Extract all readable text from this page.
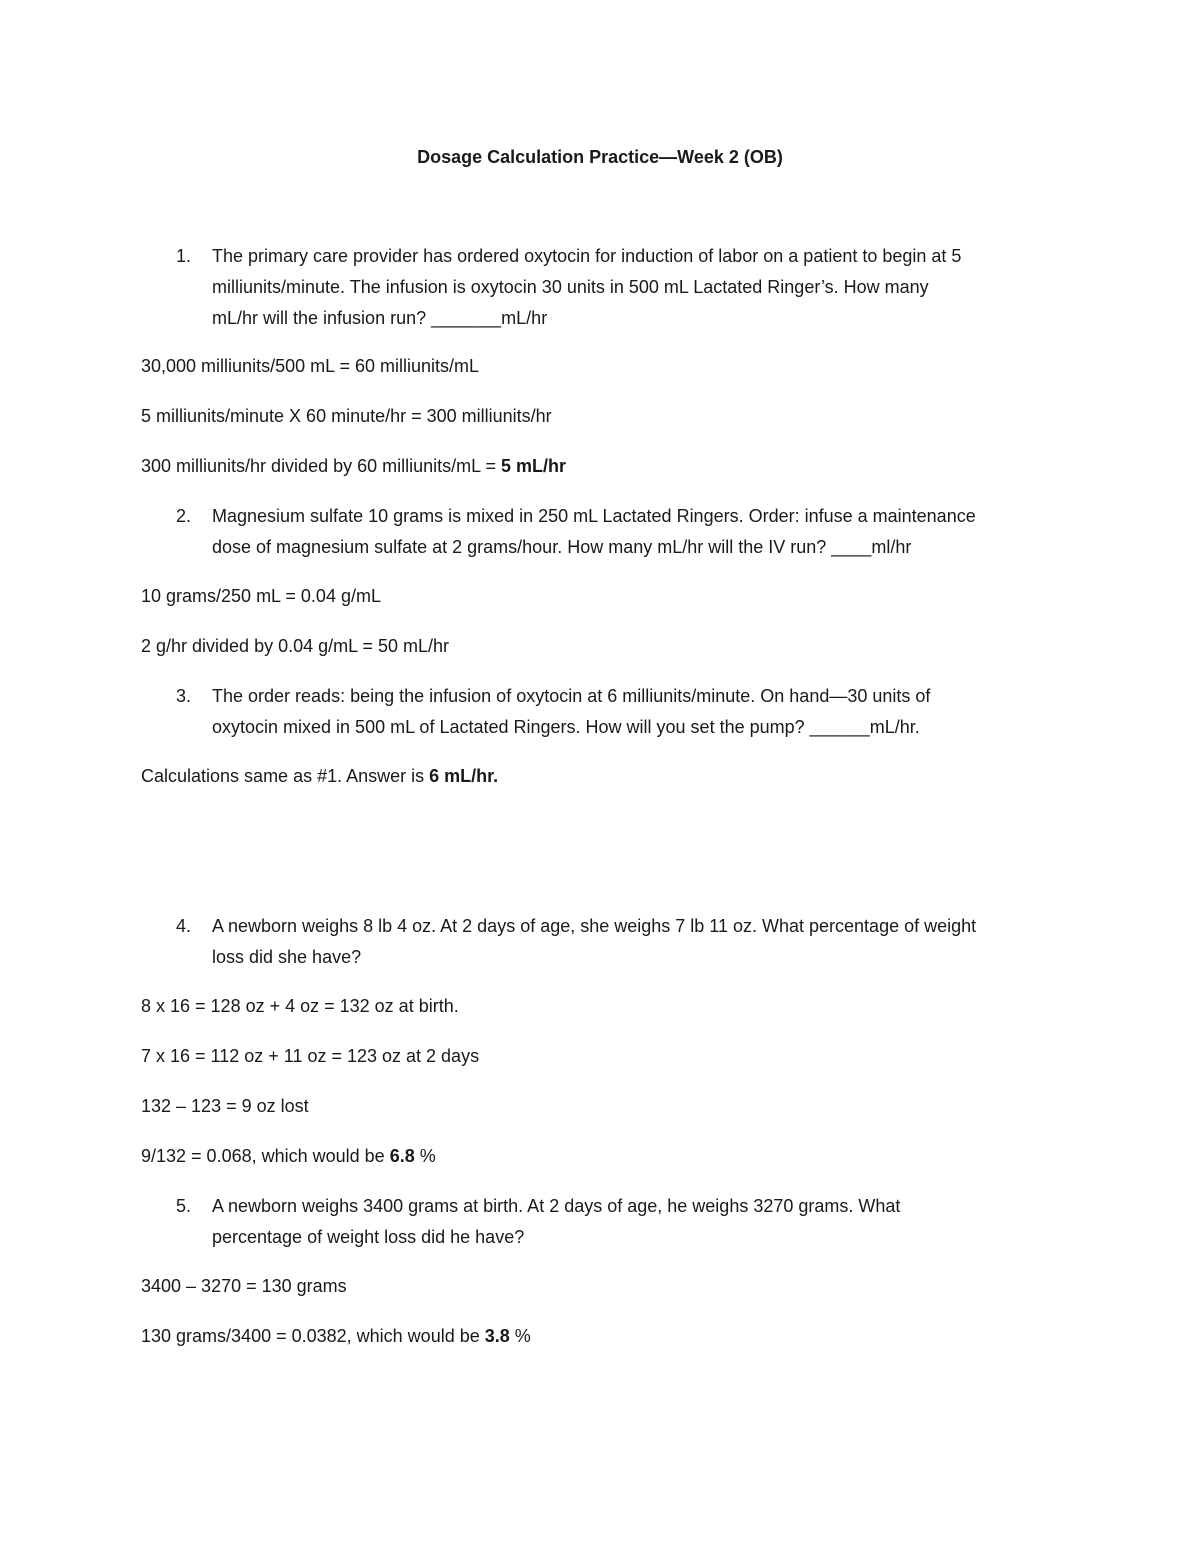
Dosage Calculation Practice—Week 2 (OB)
1. The primary care provider has ordered oxytocin for induction of labor on a patient to begin at 5
milliunits/minute. The infusion is oxytocin 30 units in 500 mL Lactated Ringer’s. How many
mL/hr will the infusion run? _______mL/hr
30,000 milliunits/500 mL = 60 milliunits/mL
5 milliunits/minute X 60 minute/hr = 300 milliunits/hr
300 milliunits/hr divided by 60 milliunits/mL = 5 mL/hr
2. Magnesium sulfate 10 grams is mixed in 250 mL Lactated Ringers. Order: infuse a maintenance
dose of magnesium sulfate at 2 grams/hour. How many mL/hr will the IV run? ____ml/hr
10 grams/250 mL = 0.04 g/mL
2 g/hr divided by 0.04 g/mL = 50 mL/hr
3. The order reads: being the infusion of oxytocin at 6 milliunits/minute. On hand—30 units of
oxytocin mixed in 500 mL of Lactated Ringers. How will you set the pump? ______mL/hr.
Calculations same as #1. Answer is 6 mL/hr.
4. A newborn weighs 8 lb 4 oz. At 2 days of age, she weighs 7 lb 11 oz. What percentage of weight
loss did she have?
8 x 16 = 128 oz + 4 oz = 132 oz at birth.
7 x 16 = 112 oz + 11 oz = 123 oz at 2 days
132 – 123 = 9 oz lost
9/132 = 0.068, which would be 6.8 %
5. A newborn weighs 3400 grams at birth. At 2 days of age, he weighs 3270 grams. What
percentage of weight loss did he have?
3400 – 3270 = 130 grams
130 grams/3400 = 0.0382, which would be 3.8 %
